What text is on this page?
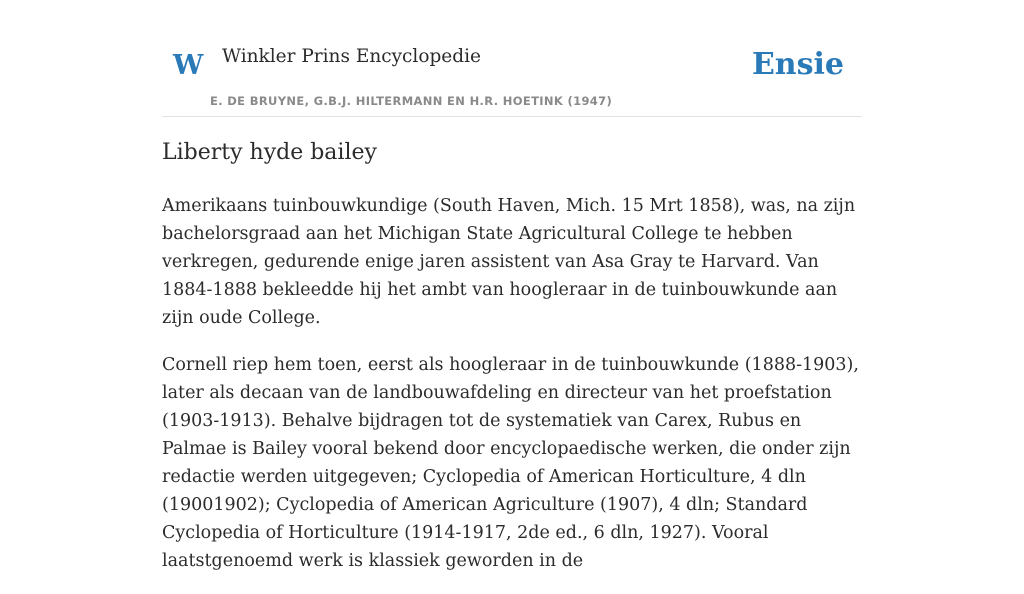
W Winkler Prins Encyclopedie
E. DE BRUYNE, G.B.J. HILTERMANN EN H.R. HOETINK (1947)
Ensie
Liberty hyde bailey

Amerikaans tuinbouwkundige (South Haven, Mich. 15 Mrt 1858), was, na zijn bachelorsgraad aan het Michigan State Agricultural College te hebben verkregen, gedurende enige jaren assistent van Asa Gray te Harvard. Van 1884-1888 bekleedde hij het ambt van hoogleraar in de tuinbouwkunde aan zijn oude College.

Cornell riep hem toen, eerst als hoogleraar in de tuinbouwkunde (1888-1903), later als decaan van de landbouwafdeling en directeur van het proefstation (1903-1913). Behalve bijdragen tot de systematiek van Carex, Rubus en Palmae is Bailey vooral bekend door encyclopaedische werken, die onder zijn redactie werden uitgegeven; Cyclopedia of American Horticulture, 4 dln (19001902); Cyclopedia of American Agriculture (1907), 4 dln; Standard Cyclopedia of Horticulture (1914-1917, 2de ed., 6 dln, 1927). Vooral laatstgenoemd werk is klassiek geworden in de
